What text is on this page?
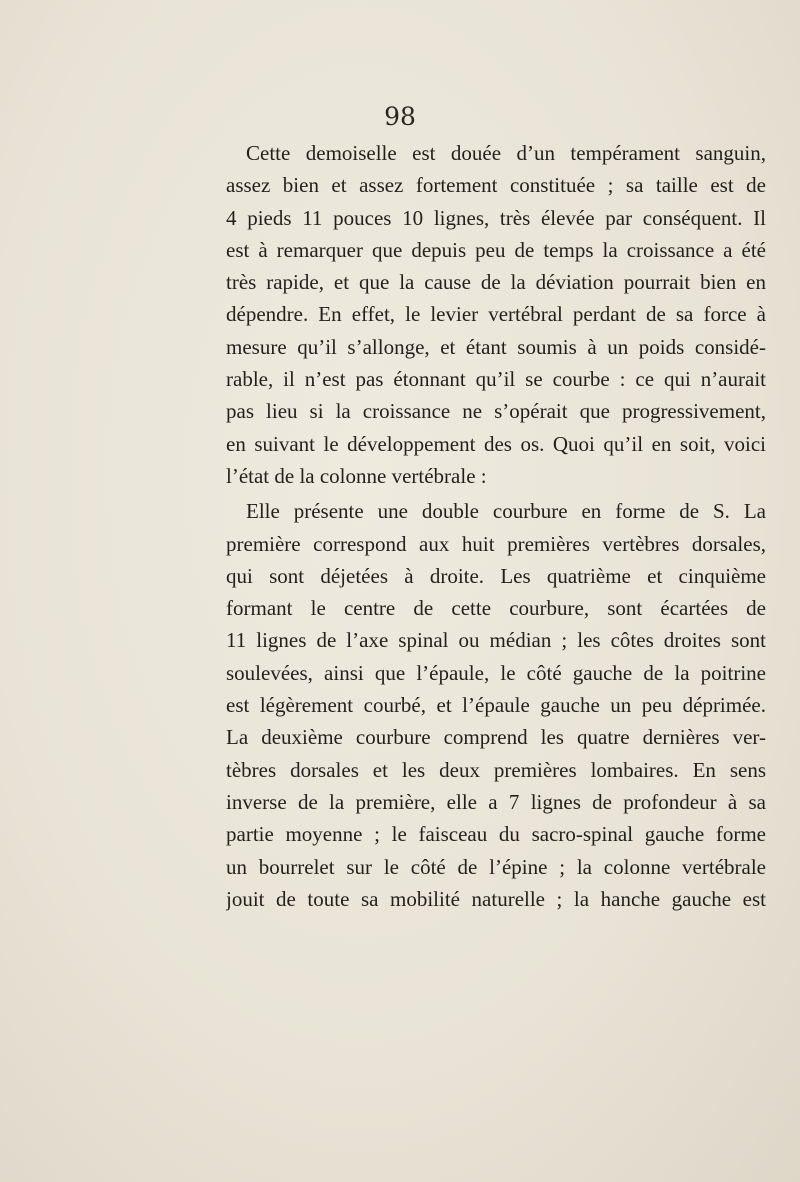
98
Cette demoiselle est douée d’un tempérament sanguin,
assez bien et assez fortement constituée ; sa taille est de
4 pieds 11 pouces 10 lignes, très élevée par conséquent. Il
est à remarquer que depuis peu de temps la croissance a été
très rapide, et que la cause de la déviation pourrait bien en
dépendre. En effet, le levier vertébral perdant de sa force à
mesure qu’il s’allonge, et étant soumis à un poids considé-
rable, il n’est pas étonnant qu’il se courbe : ce qui n’aurait
pas lieu si la croissance ne s’opérait que progressivement,
en suivant le développement des os. Quoi qu’il en soit, voici
l’état de la colonne vertébrale :
Elle présente une double courbure en forme de S. La
première correspond aux huit premières vertèbres dorsales,
qui sont déjetées à droite. Les quatrième et cinquième
formant le centre de cette courbure, sont écartées de
11 lignes de l’axe spinal ou médian ; les côtes droites sont
soulevées, ainsi que l’épaule, le côté gauche de la poitrine
est légèrement courbé, et l’épaule gauche un peu déprimée.
La deuxième courbure comprend les quatre dernières ver-
tèbres dorsales et les deux premières lombaires. En sens
inverse de la première, elle a 7 lignes de profondeur à sa
partie moyenne ; le faisceau du sacro-spinal gauche forme
un bourrelet sur le côté de l’épine ; la colonne vertébrale
jouit de toute sa mobilité naturelle ; la hanche gauche est
